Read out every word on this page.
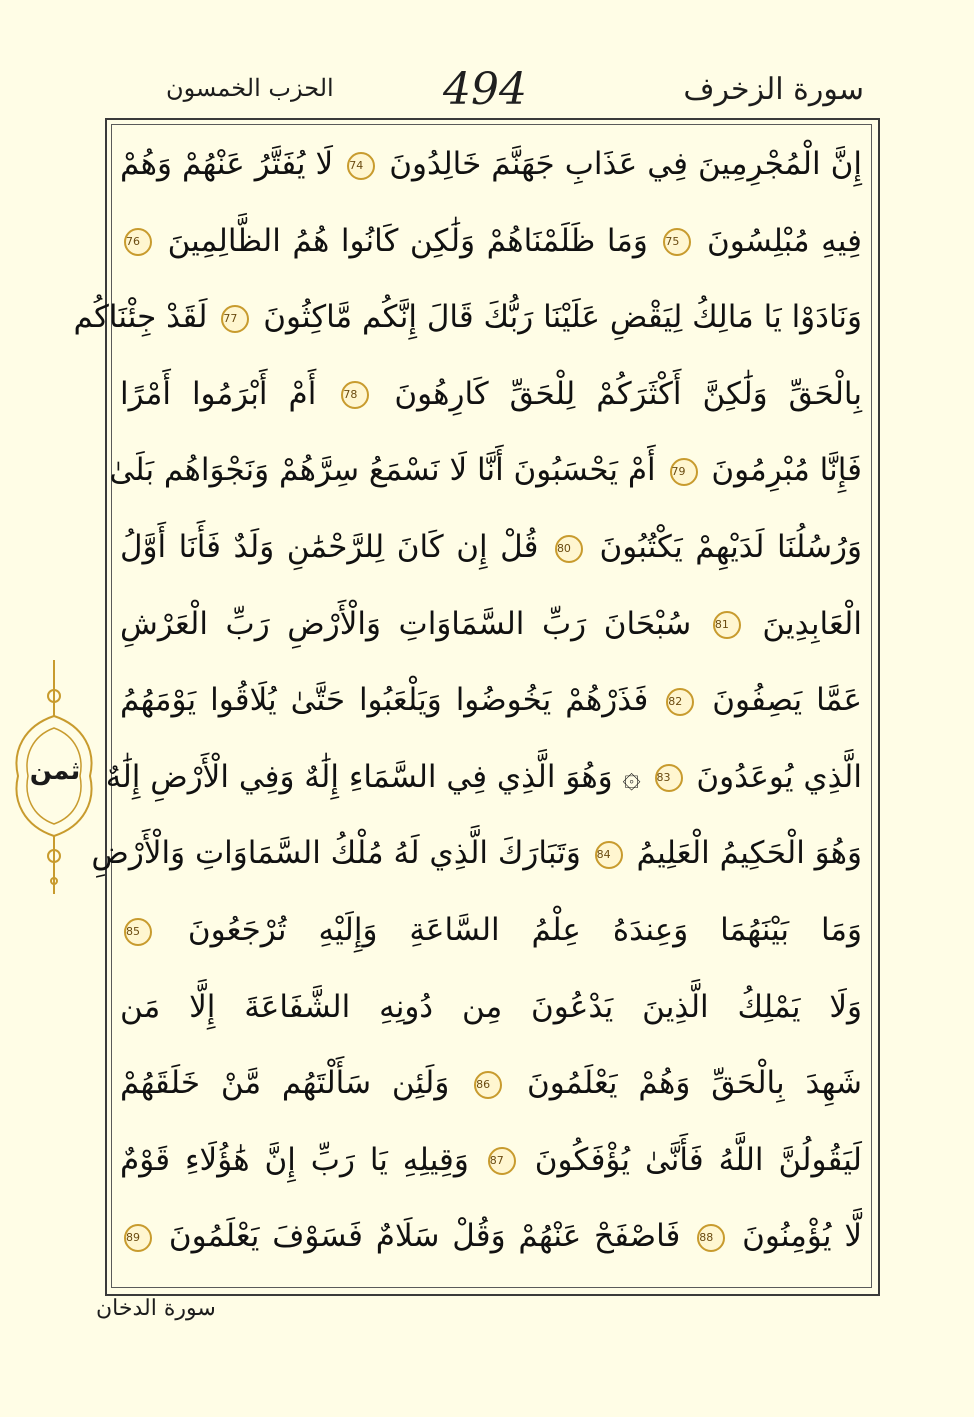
الحزب الخمسون	494	سورة الزخرف
إِنَّ الْمُجْرِمِينَ فِي عَذَابِ جَهَنَّمَ خَالِدُونَ 74 لَا يُفَتَّرُ عَنْهُمْ وَهُمْ
فِيهِ مُبْلِسُونَ 75 وَمَا ظَلَمْنَاهُمْ وَلَٰكِن كَانُوا هُمُ الظَّالِمِينَ 76
وَنَادَوْا يَا مَالِكُ لِيَقْضِ عَلَيْنَا رَبُّكَ قَالَ إِنَّكُم مَّاكِثُونَ 77 لَقَدْ جِئْنَاكُم
بِالْحَقِّ وَلَٰكِنَّ أَكْثَرَكُمْ لِلْحَقِّ كَارِهُونَ 78 أَمْ أَبْرَمُوا أَمْرًا
فَإِنَّا مُبْرِمُونَ 79 أَمْ يَحْسَبُونَ أَنَّا لَا نَسْمَعُ سِرَّهُمْ وَنَجْوَاهُم بَلَىٰ
وَرُسُلُنَا لَدَيْهِمْ يَكْتُبُونَ 80 قُلْ إِن كَانَ لِلرَّحْمَٰنِ وَلَدٌ فَأَنَا أَوَّلُ
الْعَابِدِينَ 81 سُبْحَانَ رَبِّ السَّمَاوَاتِ وَالْأَرْضِ رَبِّ الْعَرْشِ
عَمَّا يَصِفُونَ 82 فَذَرْهُمْ يَخُوضُوا وَيَلْعَبُوا حَتَّىٰ يُلَاقُوا يَوْمَهُمُ
الَّذِي يُوعَدُونَ 83 ۞ وَهُوَ الَّذِي فِي السَّمَاءِ إِلَٰهٌ وَفِي الْأَرْضِ إِلَٰهٌ
وَهُوَ الْحَكِيمُ الْعَلِيمُ 84 وَتَبَارَكَ الَّذِي لَهُ مُلْكُ السَّمَاوَاتِ وَالْأَرْضِ
وَمَا بَيْنَهُمَا وَعِندَهُ عِلْمُ السَّاعَةِ وَإِلَيْهِ تُرْجَعُونَ 85
وَلَا يَمْلِكُ الَّذِينَ يَدْعُونَ مِن دُونِهِ الشَّفَاعَةَ إِلَّا مَن
شَهِدَ بِالْحَقِّ وَهُمْ يَعْلَمُونَ 86 وَلَئِن سَأَلْتَهُم مَّنْ خَلَقَهُمْ
لَيَقُولُنَّ اللَّهُ فَأَنَّىٰ يُؤْفَكُونَ 87 وَقِيلِهِ يَا رَبِّ إِنَّ هَٰؤُلَاءِ قَوْمٌ
لَّا يُؤْمِنُونَ 88 فَاصْفَحْ عَنْهُمْ وَقُلْ سَلَامٌ فَسَوْفَ يَعْلَمُونَ 89
ثمن
سورة الدخان
